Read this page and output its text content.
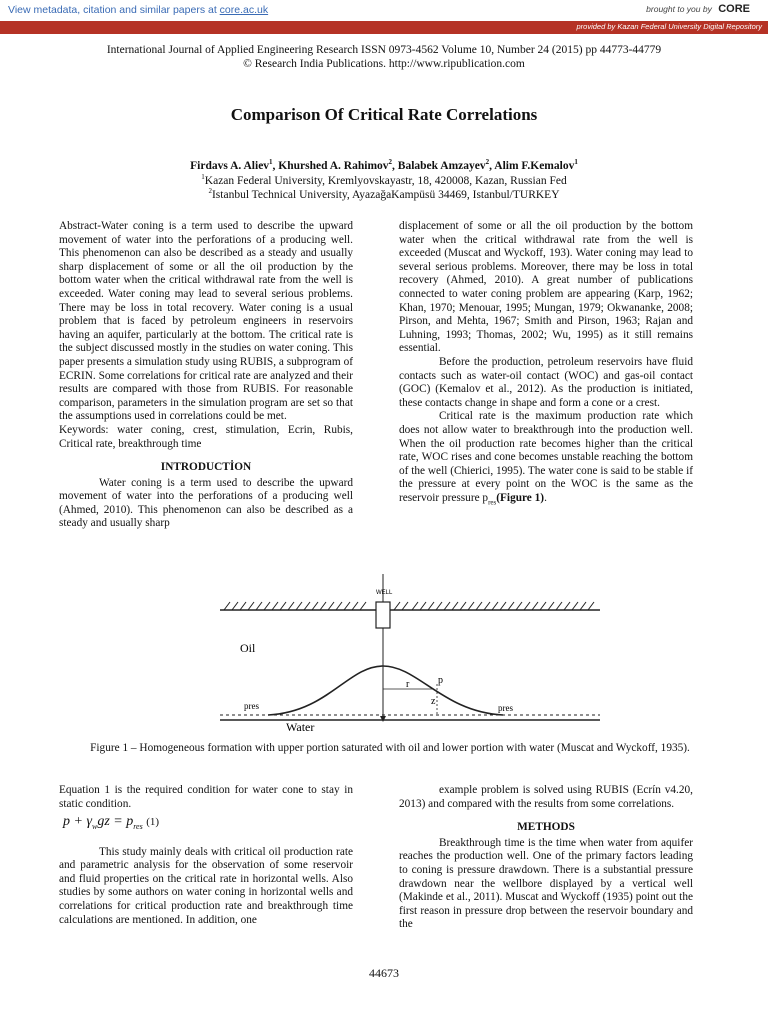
View metadata, citation and similar papers at core.ac.uk	brought to you by CORE
provided by Kazan Federal University Digital Repository
International Journal of Applied Engineering Research ISSN 0973-4562 Volume 10, Number 24 (2015) pp 44773-44779
© Research India Publications. http://www.ripublication.com
Comparison Of Critical Rate Correlations
Firdavs A. Aliev$^1$, Khurshed A. Rahimov$^2$, Balabek Amzayev$^2$, Alim F.Kemalov$^1$
$^1$Kazan Federal University, Kremlyovskayastr, 18, 420008, Kazan, Russian Fed
$^2$Istanbul Technical University, AyazağaKampüsü 34469, Istanbul/TURKEY

Abstract-Water coning is a term used to describe the upward movement of water into the perforations of a producing well. This phenomenon can also be described as a steady and usually sharp displacement of some or all the oil production by the bottom water when the critical withdrawal rate from the well is exceeded. Water coning may lead to several serious problems. There may be loss in total recovery. Water coning is a usual problem that is faced by petroleum engineers in reservoirs having an aquifer, particularly at the bottom. The critical rate is the subject discussed mostly in the studies on water coning. This paper presents a simulation study using RUBIS, a subprogram of ECRIN. Some correlations for critical rate are analyzed and their results are compared with those from RUBIS. For reasonable comparison, parameters in the simulation program are set so that the assumptions used in correlations could be met.

Keywords: water coning, crest, stimulation, Ecrin, Rubis, Critical rate, breakthrough time

INTRODUCTİON

Water coning is a term used to describe the upward movement of water into the perforations of a producing well (Ahmed, 2010). This phenomenon can also be described as a steady and usually sharp

displacement of some or all the oil production by the bottom water when the critical withdrawal rate from the well is exceeded (Muscat and Wyckoff, 193). Water coning may lead to several serious problems. Moreover, there may be loss in total recovery (Ahmed, 2010). A great number of publications connected to water coning problem are appearing (Karp, 1962; Khan, 1970; Menouar, 1995; Mungan, 1979; Okwananke, 2008; Pirson, and Mehta, 1967; Smith and Pirson, 1963; Rajan and Luhning, 1993; Thomas, 2002; Wu, 1995) as it still remains essential.

Before the production, petroleum reservoirs have fluid contacts such as water-oil contact (WOC) and gas-oil contact (GOC) (Kemalov et al., 2012). As the production is initiated, these contacts change in shape and form a cone or a crest.

Critical rate is the maximum production rate which does not allow water to breakthrough into the production well. When the oil production rate becomes higher than the critical rate, WOC rises and cone becomes unstable reaching the bottom of the well (Chierici, 1995). The water cone is said to be stable if the pressure at every point on the WOC is the same as the reservoir pressure $p_{res}(Figure$ 1).

WELL
Oil
r	p
z
pres	pres
Water
Figure 1 – Homogeneous formation with upper portion saturated with oil and lower portion with water (Muscat and Wyckoff, 1935).

Equation 1 is the required condition for water cone to stay in static condition.

$p + \gamma_wgz = p_{res}$ (1)

This study mainly deals with critical oil production rate and parametric analysis for the observation of some reservoir and fluid properties on the critical rate in horizontal wells. Also studies by some authors on water coning in horizontal wells and correlations for critical production rate and breakthrough time calculations are mentioned. In addition, one

example problem is solved using RUBIS (Ecrín v4.20, 2013) and compared with the results from some correlations.

METHODS

Breakthrough time is the time when water from aquifer reaches the production well. One of the primary factors leading to coning is pressure drawdown. There is a substantial pressure drawdown near the wellbore displayed by a vertical well (Makinde et al., 2011). Muscat and Wyckoff (1935) point out the first reason in pressure drop between the reservoir boundary and the

44673
